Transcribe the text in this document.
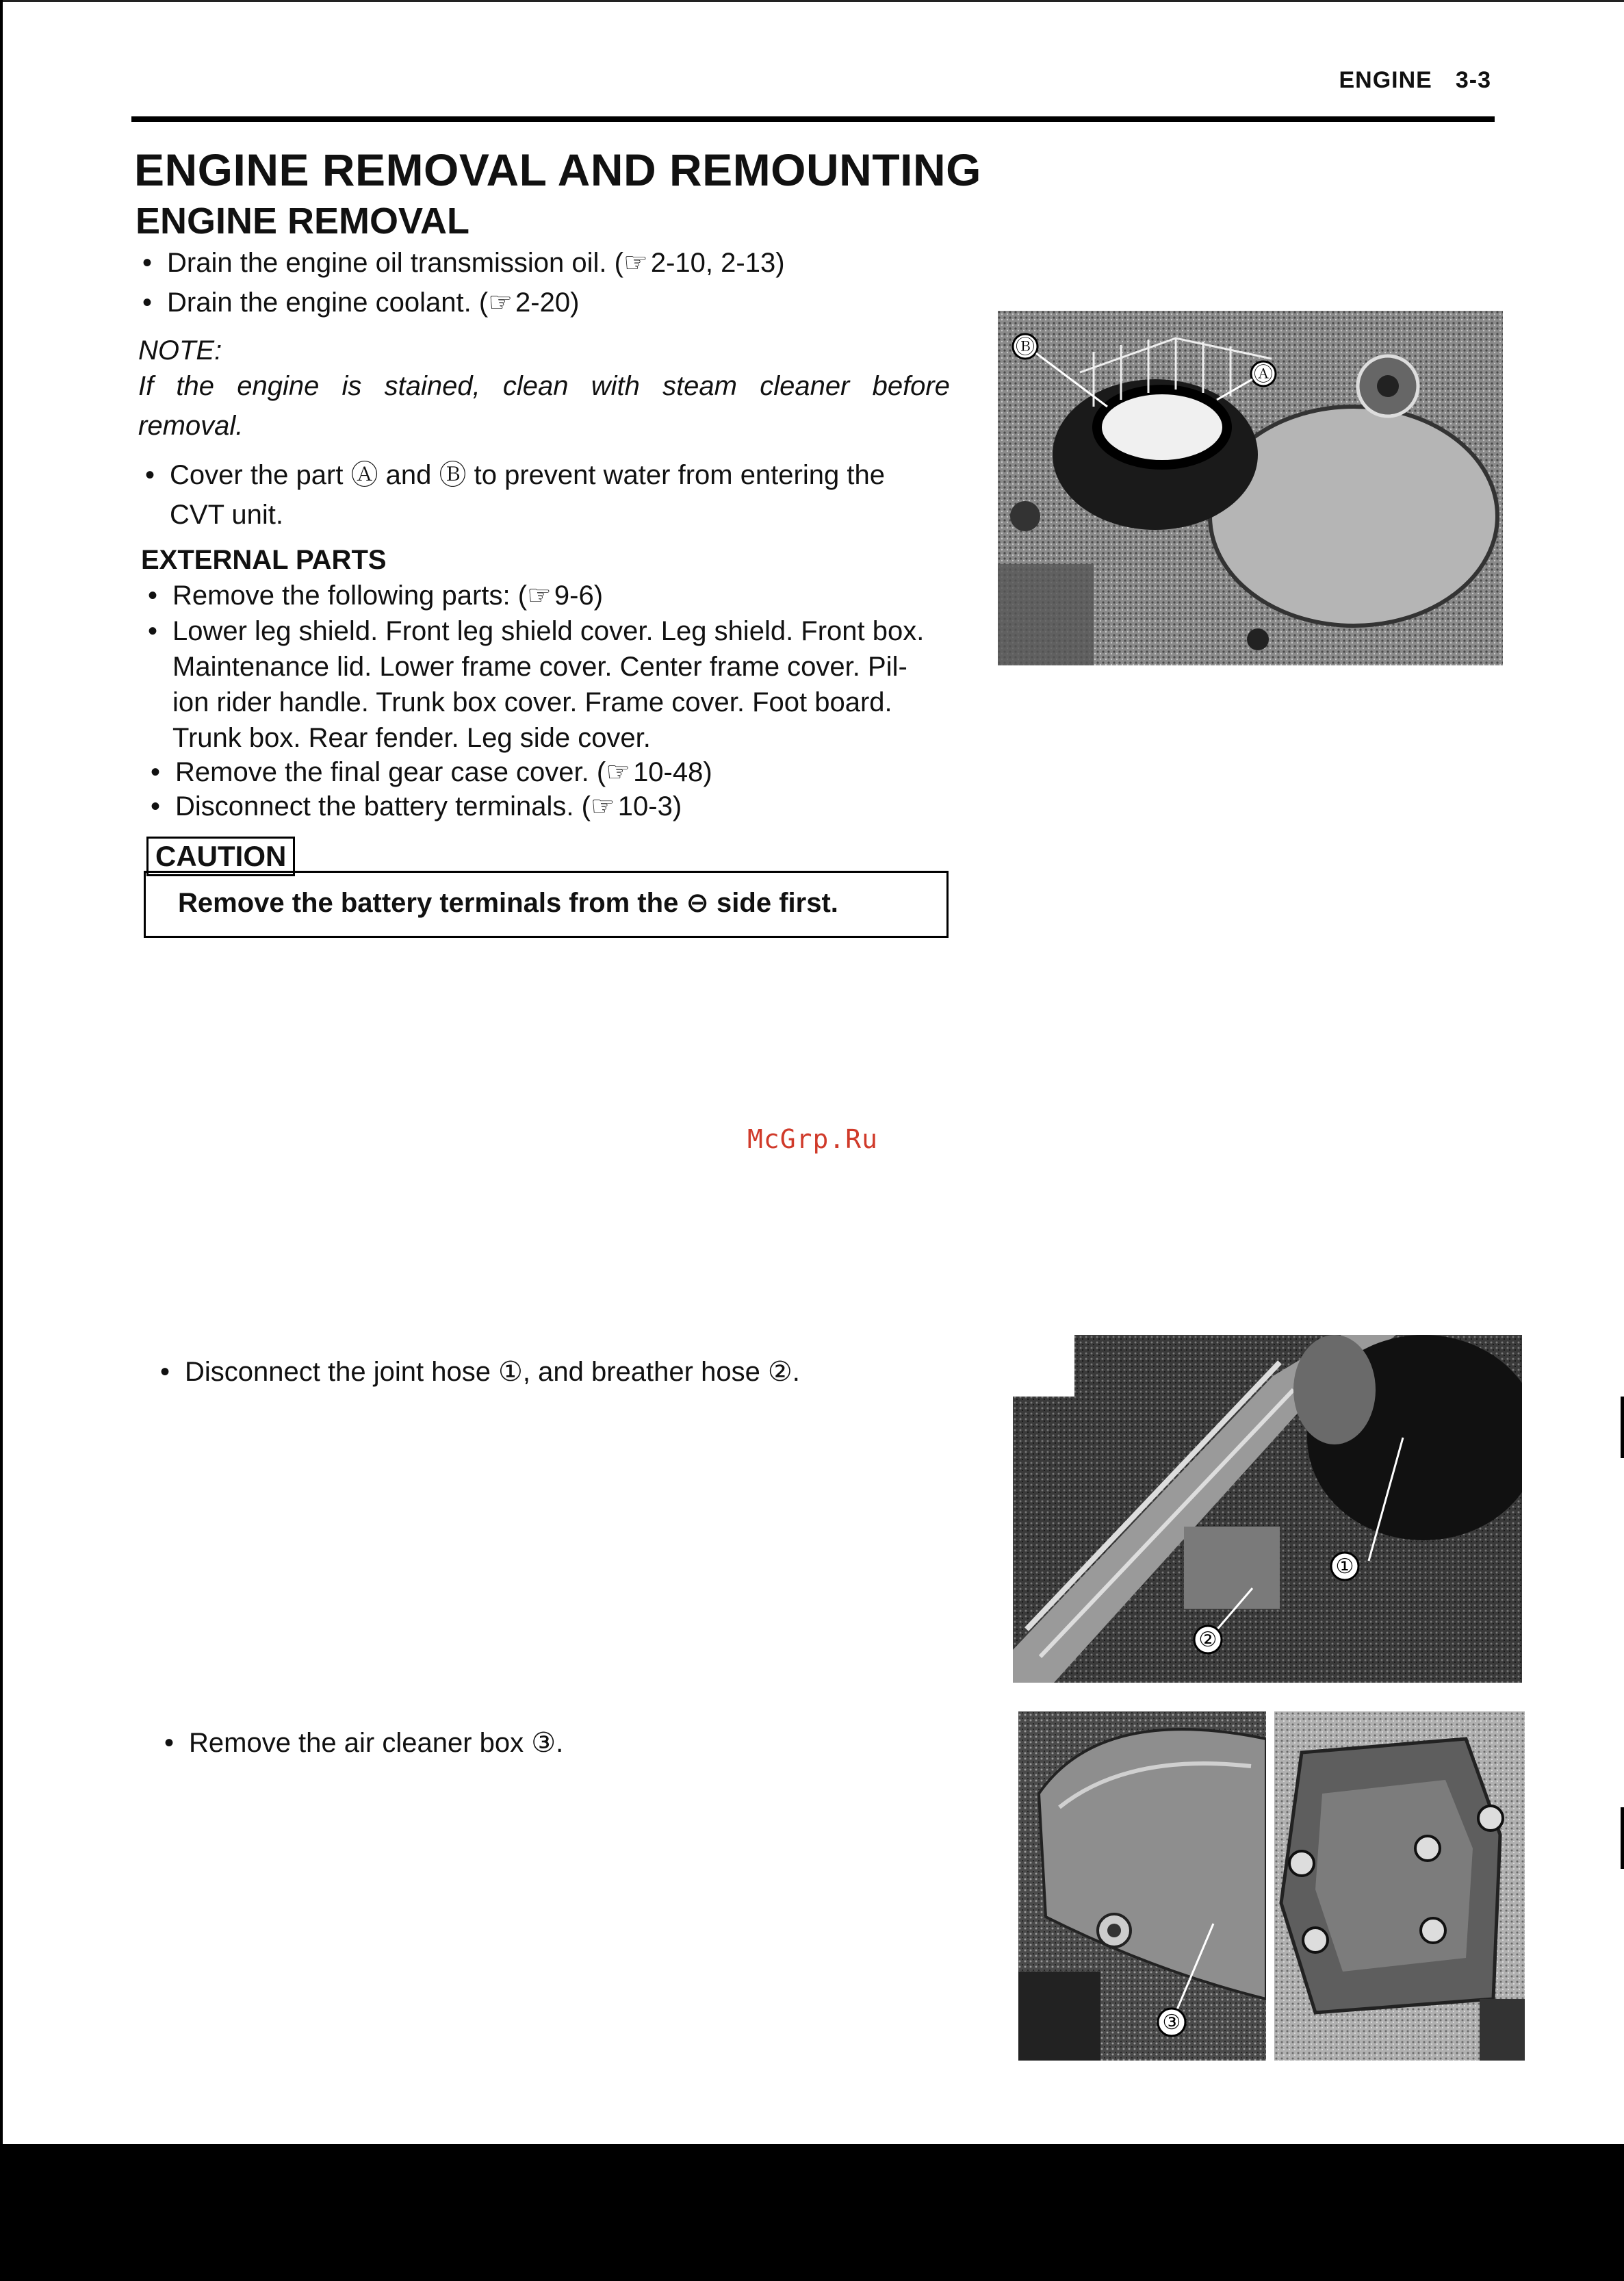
ENGINE 3-3
ENGINE REMOVAL AND REMOUNTING
ENGINE REMOVAL
• Drain the engine oil transmission oil. ( ☞ 2-10, 2-13)
• Drain the engine coolant. ( ☞ 2-20)
NOTE:
If the engine is stained, clean with steam cleaner before
removal.
• Cover the part Ⓐ and Ⓑ to prevent water from entering the
CVT unit.
EXTERNAL PARTS
• Remove the following parts: ( ☞ 9-6)
• Lower leg shield. Front leg shield cover. Leg shield. Front box.
Maintenance lid. Lower frame cover. Center frame cover. Pil-
ion rider handle. Trunk box cover. Frame cover. Foot board.
Trunk box. Rear fender. Leg side cover.
• Remove the final gear case cover. ( ☞ 10-48)
• Disconnect the battery terminals. ( ☞ 10-3)
CAUTION
Remove the battery terminals from the ⊖ side first.
McGrp.Ru
• Disconnect the joint hose ①, and breather hose ②.
• Remove the air cleaner box ③.
Ⓑ
Ⓐ
①
②
③
